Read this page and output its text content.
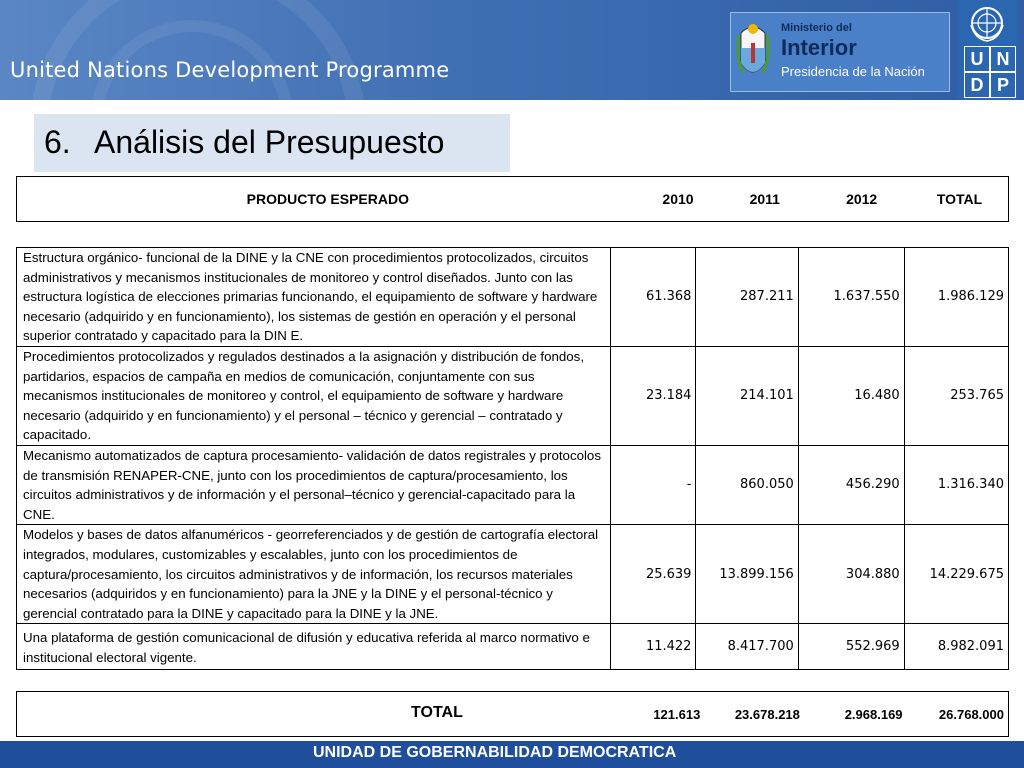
United Nations Development Programme
Ministerio del
Interior
Presidencia de la Nación
U N
D P
6. Análisis del Presupuesto
PRODUCTO ESPERADO	2010	2011	2012	TOTAL
Estructura orgánico- funcional de la DINE y la CNE con procedimientos protocolizados, circuitos administrativos y mecanismos institucionales de monitoreo y control diseñados. Junto con las estructura logística de elecciones primarias funcionando, el equipamiento de software y hardware necesario (adquirido y en funcionamiento), los sistemas de gestión en operación y el personal superior contratado y capacitado para la DIN E.	61.368	287.211	1.637.550	1.986.129
Procedimientos protocolizados y regulados destinados a la asignación y distribución de fondos, partidarios, espacios de campaña en medios de comunicación, conjuntamente con sus mecanismos institucionales de monitoreo y control, el equipamiento de software y hardware necesario (adquirido y en funcionamiento) y el personal – técnico y gerencial – contratado y capacitado.	23.184	214.101	16.480	253.765
Mecanismo automatizados de captura procesamiento- validación de datos registrales y protocolos de transmisión RENAPER-CNE, junto con los procedimientos de captura/procesamiento, los circuitos administrativos y de información y el personal–técnico y gerencial-capacitado para la CNE.	-	860.050	456.290	1.316.340
Modelos y bases de datos alfanuméricos - georreferenciados y de gestión de cartografía electoral integrados, modulares, customizables y escalables, junto con los procedimientos de captura/procesamiento, los circuitos administrativos y de información, los recursos materiales necesarios (adquiridos y en funcionamiento) para la JNE y la DINE y el personal-técnico y gerencial contratado para la DINE y capacitado para la DINE y la JNE.	25.639	13.899.156	304.880	14.229.675
Una plataforma de gestión comunicacional de difusión y educativa referida al marco normativo e institucional electoral vigente.	11.422	8.417.700	552.969	8.982.091
TOTAL	121.613	23.678.218	2.968.169	26.768.000
UNIDAD DE GOBERNABILIDAD DEMOCRATICA
